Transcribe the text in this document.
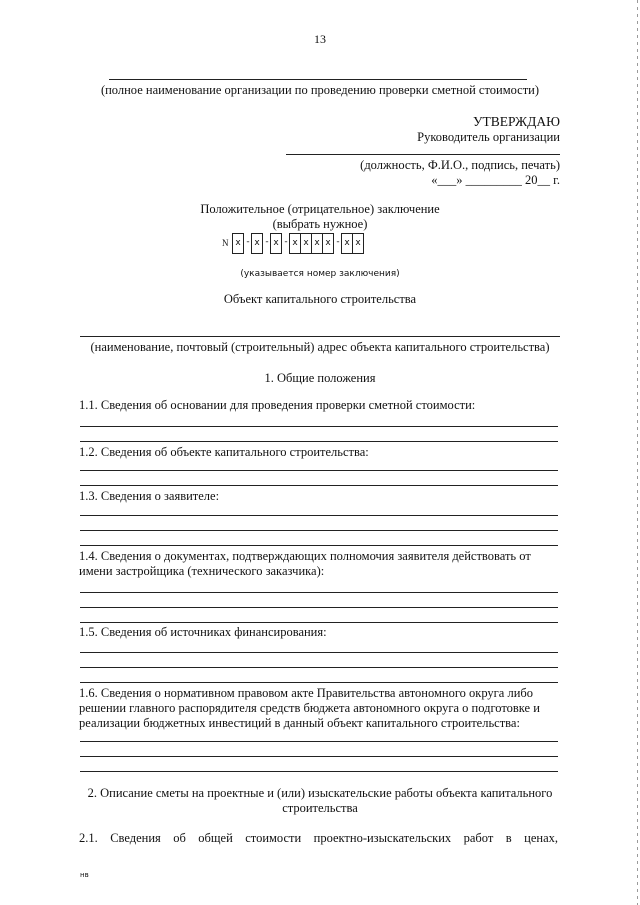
13
(полное наименование организации по проведению проверки сметной стоимости)
УТВЕРЖДАЮ
Руководитель организации
(должность, Ф.И.О., подпись, печать)
«___» _________ 20__ г.
Положительное (отрицательное) заключение
(выбрать нужное)
N x - x - x - x x x x - x x
(указывается номер заключения)
Объект капитального строительства
(наименование, почтовый (строительный) адрес объекта капитального строительства)
1. Общие положения
1.1. Сведения об основании для проведения проверки сметной стоимости:
1.2. Сведения об объекте капитального строительства:
1.3. Сведения о заявителе:
1.4. Сведения о документах, подтверждающих полномочия заявителя действовать от
имени застройщика (технического заказчика):
1.5. Сведения об источниках финансирования:
1.6. Сведения о нормативном правовом акте Правительства автономного округа либо
решении главного распорядителя средств бюджета автономного округа о подготовке и
реализации бюджетных инвестиций в данный объект капитального строительства:
2. Описание сметы на проектные и (или) изыскательские работы объекта капитального
строительства
2.1. Сведения об общей стоимости проектно-изыскательских работ в ценах,
нв
